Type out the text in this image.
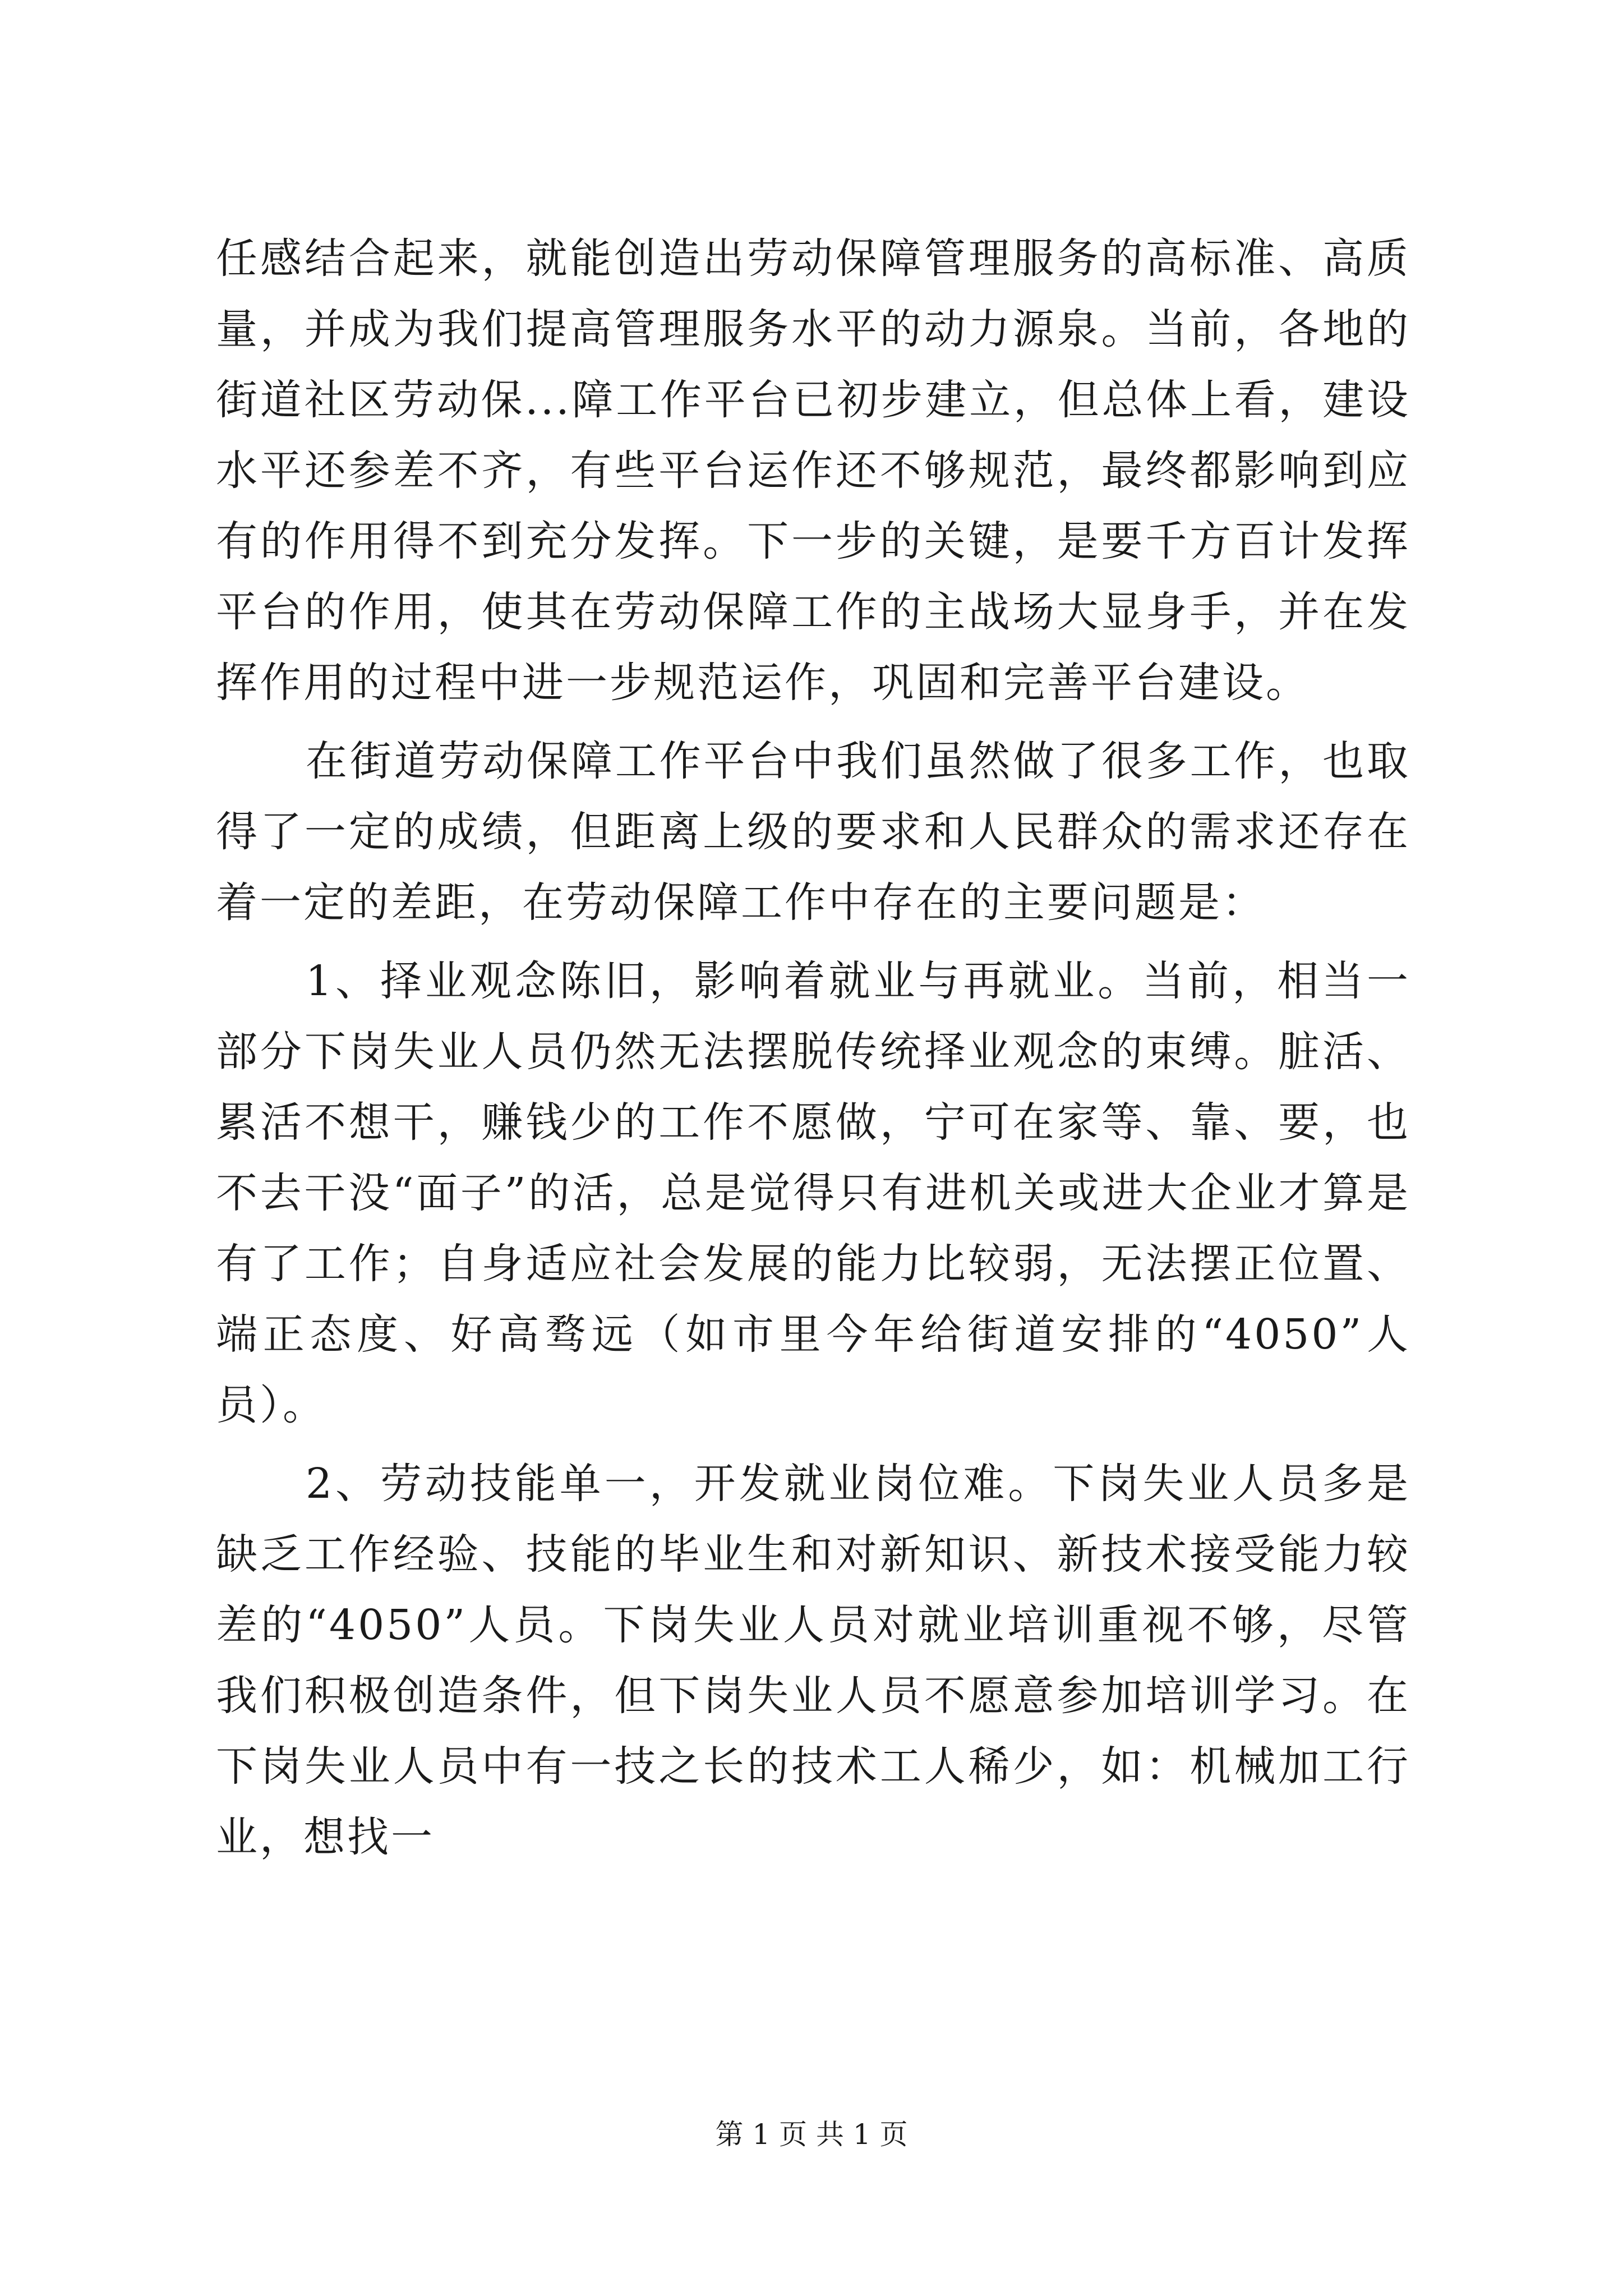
任感结合起来，就能创造出劳动保障管理服务的高标准、高质量，并成为我们提高管理服务水平的动力源泉。当前，各地的街道社区劳动保...障工作平台已初步建立，但总体上看，建设水平还参差不齐，有些平台运作还不够规范，最终都影响到应有的作用得不到充分发挥。下一步的关键，是要千方百计发挥平台的作用，使其在劳动保障工作的主战场大显身手，并在发挥作用的过程中进一步规范运作，巩固和完善平台建设。

在街道劳动保障工作平台中我们虽然做了很多工作，也取得了一定的成绩，但距离上级的要求和人民群众的需求还存在着一定的差距，在劳动保障工作中存在的主要问题是：

1、择业观念陈旧，影响着就业与再就业。当前，相当一部分下岗失业人员仍然无法摆脱传统择业观念的束缚。脏活、累活不想干，赚钱少的工作不愿做，宁可在家等、靠、要，也不去干没“面子”的活，总是觉得只有进机关或进大企业才算是有了工作；自身适应社会发展的能力比较弱，无法摆正位置、端正态度、好高骛远（如市里今年给街道安排的“4050”人员）。

2、劳动技能单一，开发就业岗位难。下岗失业人员多是缺乏工作经验、技能的毕业生和对新知识、新技术接受能力较差的“4050”人员。下岗失业人员对就业培训重视不够，尽管我们积极创造条件，但下岗失业人员不愿意参加培训学习。在下岗失业人员中有一技之长的技术工人稀少，如：机械加工行业，想找一

第 1 页 共 1 页
